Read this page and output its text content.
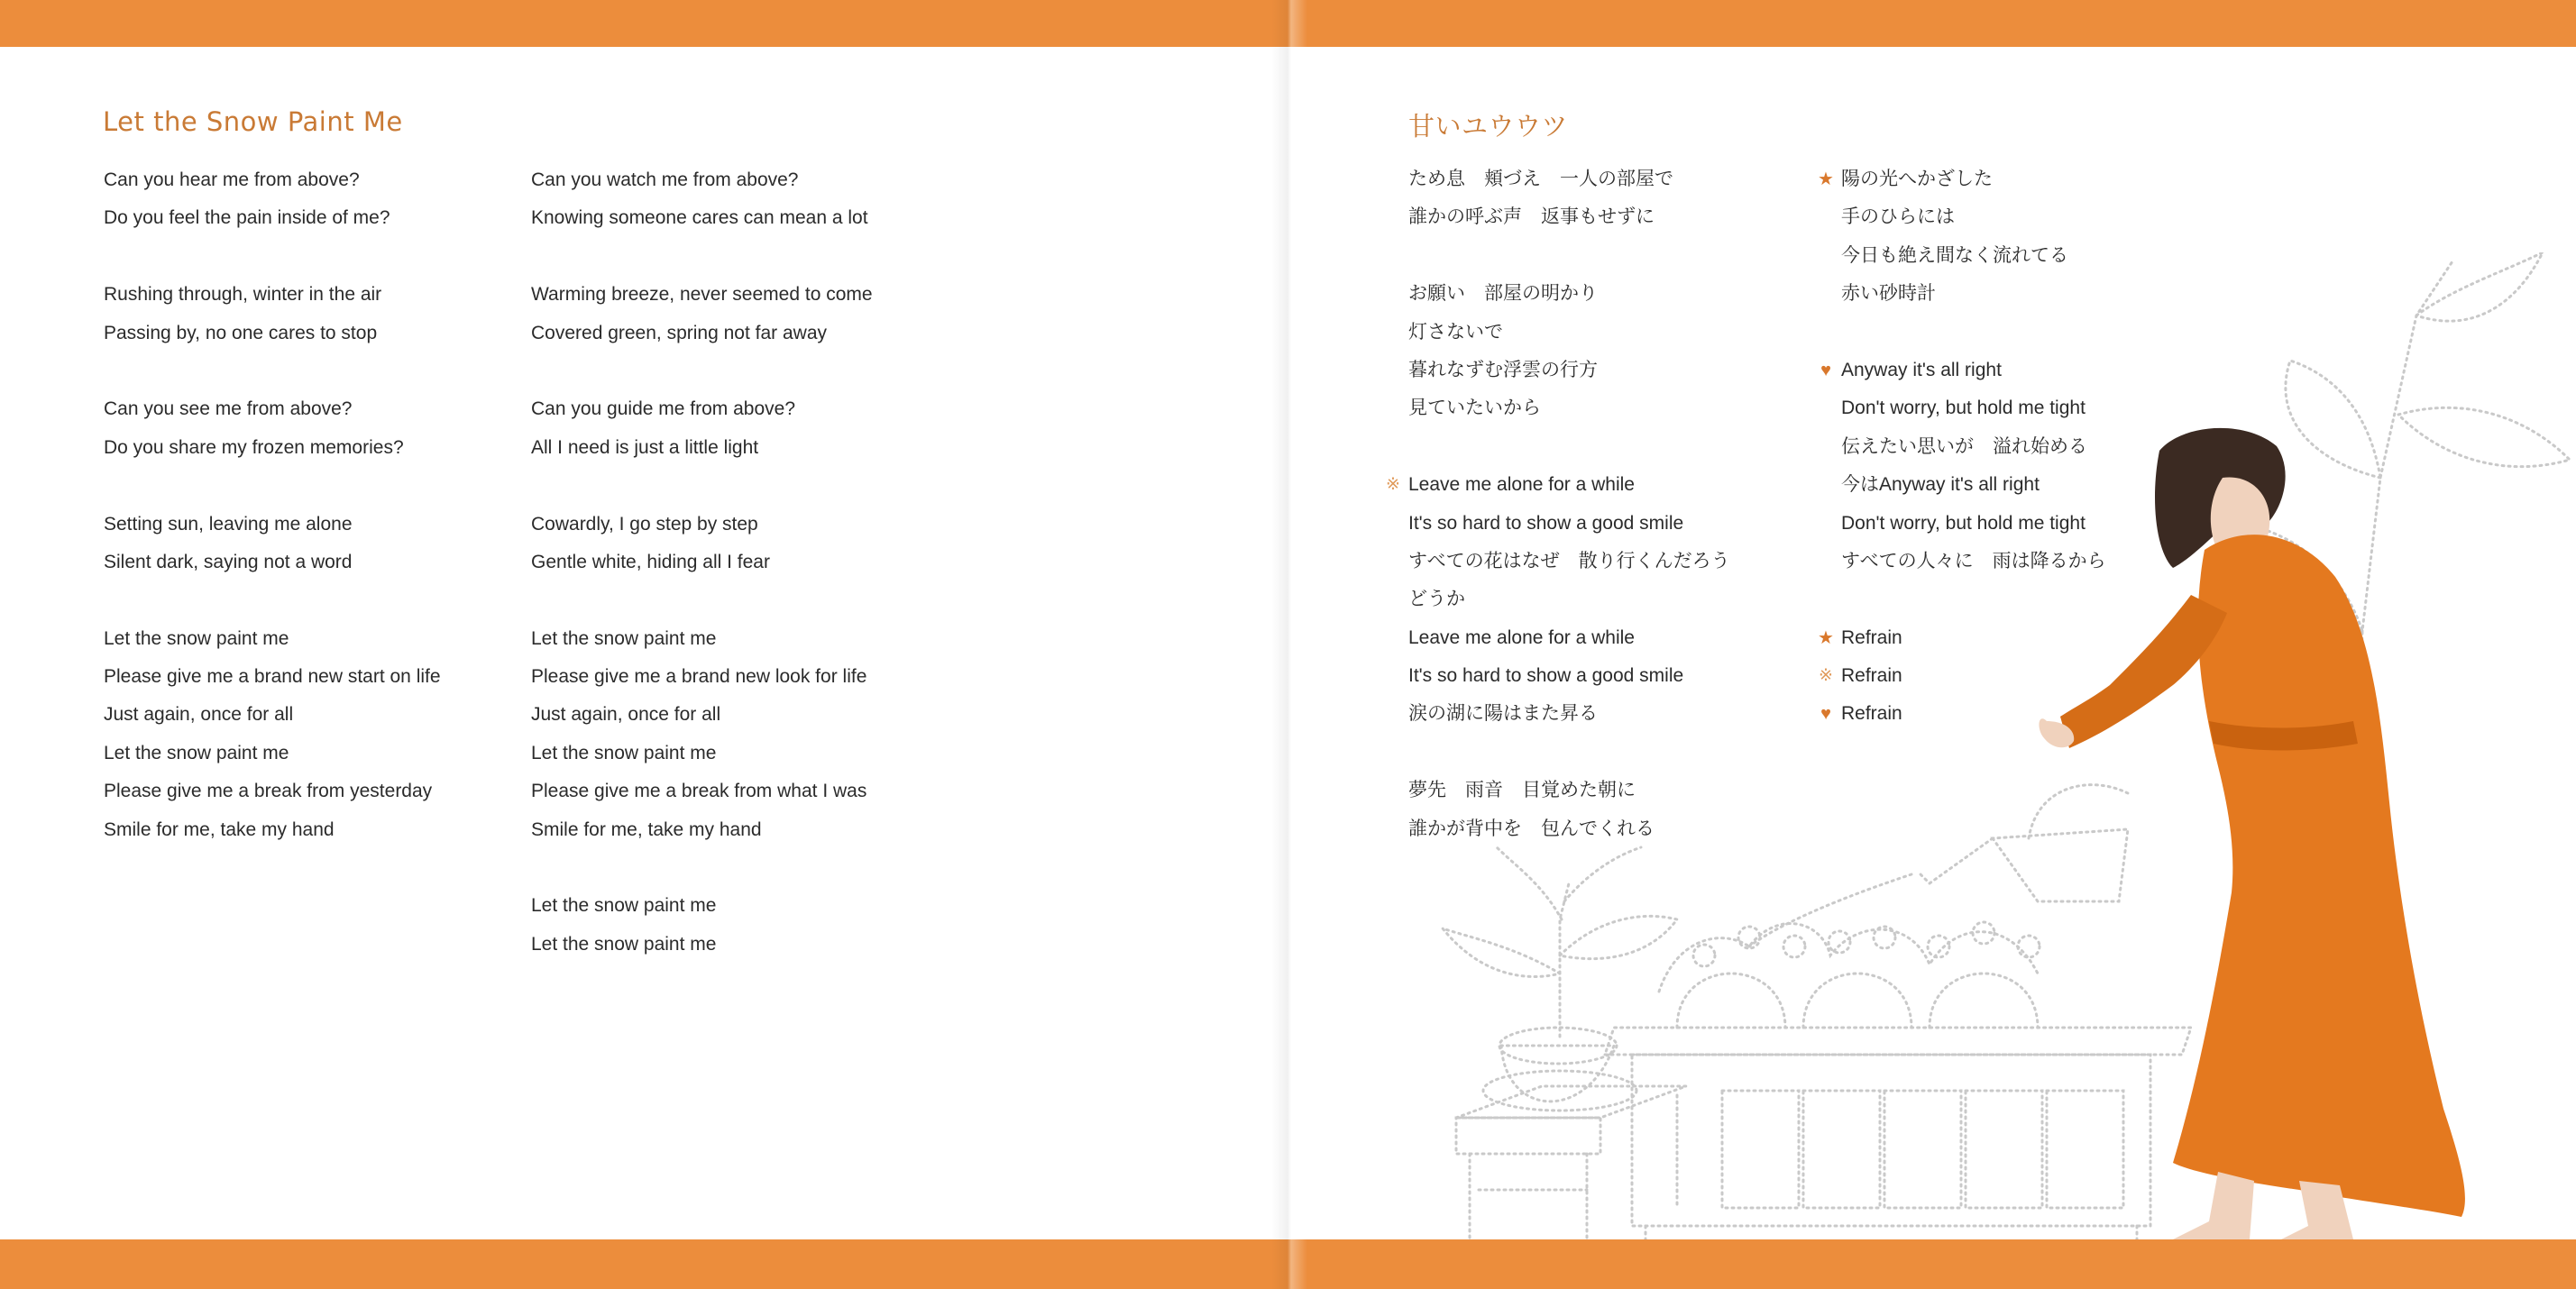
Let the Snow Paint Me
Can you hear me from above?
Do you feel the pain inside of me?
Rushing through, winter in the air
Passing by, no one cares to stop
Can you see me from above?
Do you share my frozen memories?
Setting sun, leaving me alone
Silent dark, saying not a word
Let the snow paint me
Please give me a brand new start on life
Just again, once for all
Let the snow paint me
Please give me a break from yesterday
Smile for me, take my hand
Can you watch me from above?
Knowing someone cares can mean a lot
Warming breeze, never seemed to come
Covered green, spring not far away
Can you guide me from above?
All I need is just a little light
Cowardly, I go step by step
Gentle white, hiding all I fear
Let the snow paint me
Please give me a brand new look for life
Just again, once for all
Let the snow paint me
Please give me a break from what I was
Smile for me, take my hand
Let the snow paint me
Let the snow paint me
甘いユウウツ
ため息　頬づえ　一人の部屋で
誰かの呼ぶ声　返事もせずに
お願い　部屋の明かり
灯さないで
暮れなずむ浮雲の行方
見ていたいから
※ Leave me alone for a while
It's so hard to show a good smile
すべての花はなぜ　散り行くんだろう
どうか
Leave me alone for a while
It's so hard to show a good smile
涙の湖に陽はまた昇る
夢先　雨音　目覚めた朝に
誰かが背中を　包んでくれる
★ 陽の光へかざした
手のひらには
今日も絶え間なく流れてる
赤い砂時計
♥ Anyway it's all right
Don't worry, but hold me tight
伝えたい思いが　溢れ始める
今はAnyway it's all right
Don't worry, but hold me tight
すべての人々に　雨は降るから
★ Refrain
※ Refrain
♥ Refrain
